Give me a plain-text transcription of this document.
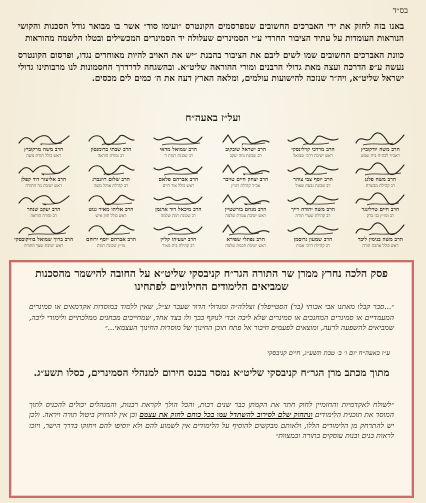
בס״ד

באנו בזה לחזק את ידי האברכים החשובים שמפרסמים הקונטרס ״ועימו סוד״ אשר בו מבואר גודל הסכנות והקושי הנוראות העומדות על עתיד הציבור החרדי ע״י הסמינרים שעלולה יד הסמינרים המכשילים ובטלו הלשמה מהוראות

כוונת האברכים החשובים שמו לשים ליבם את הציבור בהבנת ״יש את האויב להיות מאוחדים נגדו, ופרסום הקונטרס נעשה ע״פ הדרכה ועצה מאת גדולי הרבנים ומורי ההוראה שליט״א. ובהשגחה לדרדרך החסמונות לנו מרבותינו גדולי ישראל שליט״א, ויה״ר שנזכה להישועות עולמים, ומלאה הארץ דעה את ה׳ כמים לים מכסים.

ועל״ז באעה״ח
הרב משה יודקוביץ
ראב״ד לכה״ח בית שמש
הרב מרדכי קרלינסקי
ראש ישיבת דרכי שמואל
הרב ישראל שובקוב
רב שכונת נווה יעקב
הרב שמואל מדאי
רב שכונת רמות ד׳
הרב שבתי ברומנסון
רב ומורה הוראה
הרב משה מרקוביץ
ראש כולל תורת משה
הרב משה פלגג
רב קהילת מבשרת
הרב יוסף צבי צוהר
רב שכונת גבעת שאול
הרב יצחק חיים טויבר
אב״ד קהילת ויזניץ
הרב אברהם פלאם
ראש כולל אור חיים
הרב שלום רוזנברג
רב קהילת אוהל משה
הרב אליעזר דוד קפלן
ראש ישיבת נזר התורה
הרב חיים טרלינגר
רב ומו״ץ בני ברק
הרב משה יהודה רייך
רב קהילת שערי תורה
הרב מנחם בורשטיין
ראש ישיבת עטרת שלמה
הרב מיכאל דוד ארגמן
רב שכונת רמת שלמה
הרב אליהו מאיר גנוט
ראש כולל חזון איש
הרב יעקב שנהר
רב ומורה הוראה
הרב משה בנימין ליבר
ראש כולל אהבת תורה
הרב שמעון גרוסמן
רב קהילת דרכי אבות
הרב נפתלי שפירא
ראש ישיבת חכמת שלמה
הרב ישעיהו קליין
רב קהילת בית מאיר
הרב אברהם יוסף ירוחם
מו״ץ שכונת רמות
הרב ברוך שמואל בוזיקובסקי
ראש ישיבת שער התורה
פסק הלכה נחרץ ממרן שר התורה הגר״ח קניבסקי שליט״א על החובה להישמר מהסכנות שמביאים הלימודים החילוניים לפתחינו
״...סבר קבלו מאתנו אבי אבותי (בר) הסטייפלר) זצללה״ה ומגדולי הדור שעבר זצ״ל, שאין ללמוד במוסדות אקדמאים או סמינרים המעמדיים או סמינרים המחנכים או סמינרים שלא ליבה וכד׳ לנוקף בכך ולו בצד אחד, שמחייבים מבחנים ממלכתיים ולימודי ליבה, שמביאים להשפעה לרעה, ומוצאים לפעמים חיבור אל פתח תוכן החינוך של מוסדות החינוך העצמאי...״
ע״ז באעה״ח יום ו׳ ב׳ טבת תשע״ג, חיים קניבסקי
מתוך מכתב מרן הגר״ח קניבסקי שליט״א נמסר בכנס חירום למנהלי הסמינרים, כסלו תשע״ג.
״לשולח לאקדמיות והחזמיין לחוק חתר את הקמתן כבר שנים רבות, והכל הולך לקראת רבנות, והמנהלים יכולים להכניס לתוך המוסד את תוכנית הלימודים ונתחזק שלם לסירוב להשתדל עמו בכל כוחם לחזק את עצמם וכן אין להחזיק ביטול תורה ויראה. ולכן יש להתרחק מן הלימודים הללו, ולאותם מבקשים להוסיף על הלימודים אין לשמוע להם ולא יוסיפו להם ויחזקו בדרך הישר, ויזכו לראות בנים ובנות עוסקים בתורה ובמצוות״
